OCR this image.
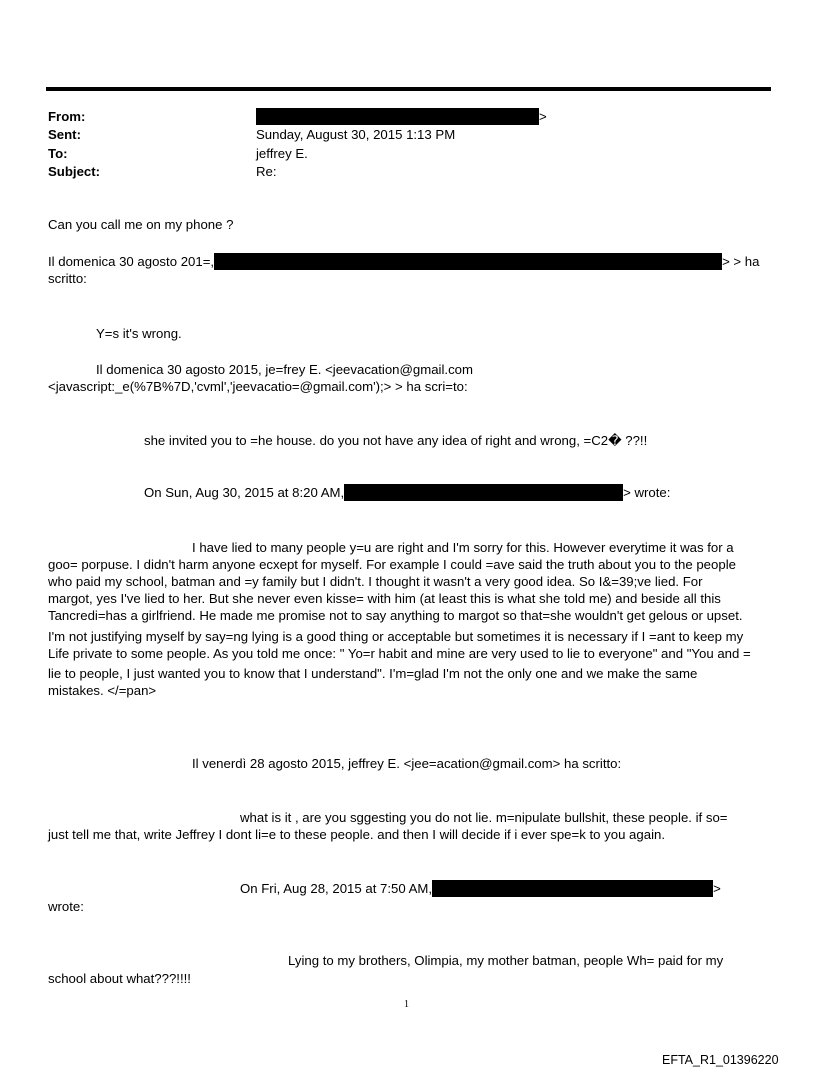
From:	>
Sent:	Sunday, August 30, 2015 1:13 PM
To:	jeffrey E.
Subject:	Re:
Can you call me on my phone ?
Il domenica 30 agosto 201=,	> > ha
scritto:
Y=s it's wrong.
Il domenica 30 agosto 2015, je=frey E. <jeevacation@gmail.com
<javascript:_e(%7B%7D,'cvml','jeevacatio=@gmail.com');> > ha scri=to:
she invited you to =he house. do you not have any idea of right and wrong, =C2� ??!!
On Sun, Aug 30, 2015 at 8:20 AM,	> wrote:
I have lied to many people y=u are right and I'm sorry for this. However everytime it was for a
goo= porpuse. I didn't harm anyone ecxept for myself. For example I could =ave said the truth about you to the people
who paid my school, batman and =y family but I didn't. I thought it wasn't a very good idea. So I&=39;ve lied. For
margot, yes I've lied to her. But she never even kisse= with him (at least this is what she told me) and beside all this
Tancredi=has a girlfriend. He made me promise not to say anything to margot so that=she wouldn't get gelous or upset.
I'm not justifying myself by say=ng lying is a good thing or acceptable but sometimes it is necessary if I =ant to keep my
Life private to some people. As you told me once: " Yo=r habit and mine are very used to lie to everyone" and "You and =
lie to people, I just wanted you to know that I understand". I'm=glad I'm not the only one and we make the same
mistakes. </=pan>
Il venerdì 28 agosto 2015, jeffrey E. <jee=acation@gmail.com> ha scritto:
what is it , are you sggesting you do not lie. m=nipulate bullshit, these people. if so=
just tell me that, write Jeffrey I dont li=e to these people. and then I will decide if i ever spe=k to you again.
On Fri, Aug 28, 2015 at 7:50 AM,	>
wrote:
Lying to my brothers, Olimpia, my mother batman, people Wh= paid for my
school about what???!!!!
1
EFTA_R1_01396220
